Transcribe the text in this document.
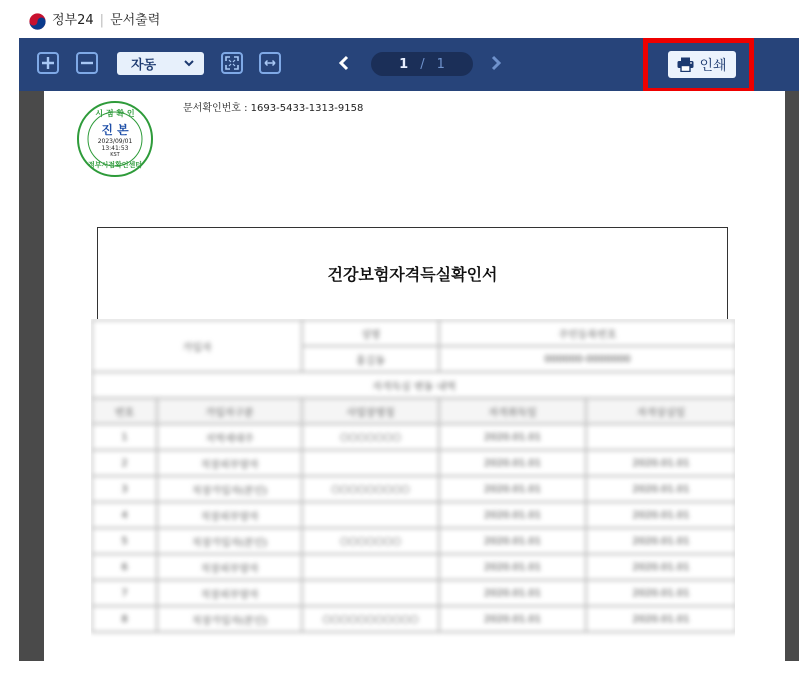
정부24 | 문서출력
자동	1 / 1	인쇄
시 점 확 인
진 본
2023/09/01
13:41:53
KST
정부시점확인센터
문서확인번호 : 1693-5433-1313-9158
건강보험자격득실확인서
가입자		성명	주민등록번호	
		홍길동	000000-0000000	
자격득실 변동 내역				
번호	가입자구분	사업장명칭	자격취득일	자격상실일
1	지역세대주	○○○○○○○	2020.01.01	
2	직장피부양자		2020.01.01	2020.01.01
3	직장가입자(본인)	○○○○○○○○○	2020.01.01	2020.01.01
4	직장피부양자		2020.01.01	2020.01.01
5	직장가입자(본인)	○○○○○○○	2020.01.01	2020.01.01
6	직장피부양자		2020.01.01	2020.01.01
7	직장피부양자		2020.01.01	2020.01.01
8	직장가입자(본인)	○○○○○○○○○○○	2020.01.01	2020.01.01
